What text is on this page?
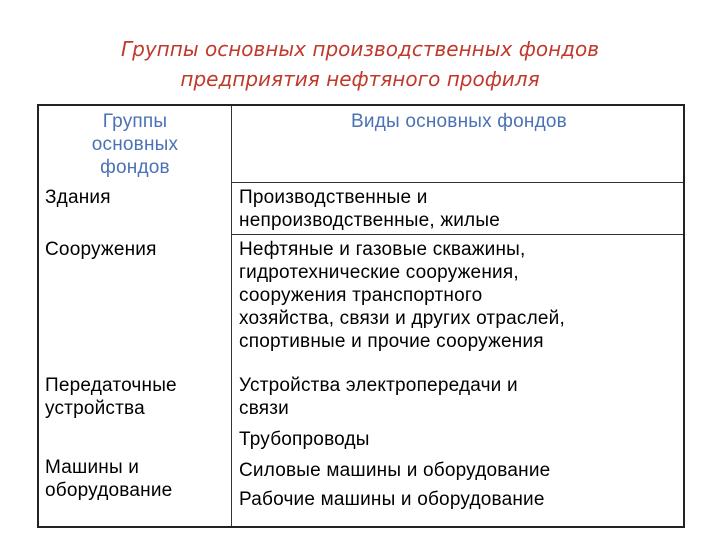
Группы основных производственных фондов
предприятия нефтяного профиля
Группы
основных
фондов
Виды основных фондов
Здания	Производственные и
непроизводственные, жилые
Сооружения	Нефтяные и газовые скважины,
гидротехнические сооружения,
сооружения транспортного
хозяйства, связи и других отраслей,
спортивные и прочие сооружения
Передаточные
устройства
Устройства электропередачи и
связи
Трубопроводы
Машины и
оборудование
Силовые машины и оборудование
Рабочие машины и оборудование
